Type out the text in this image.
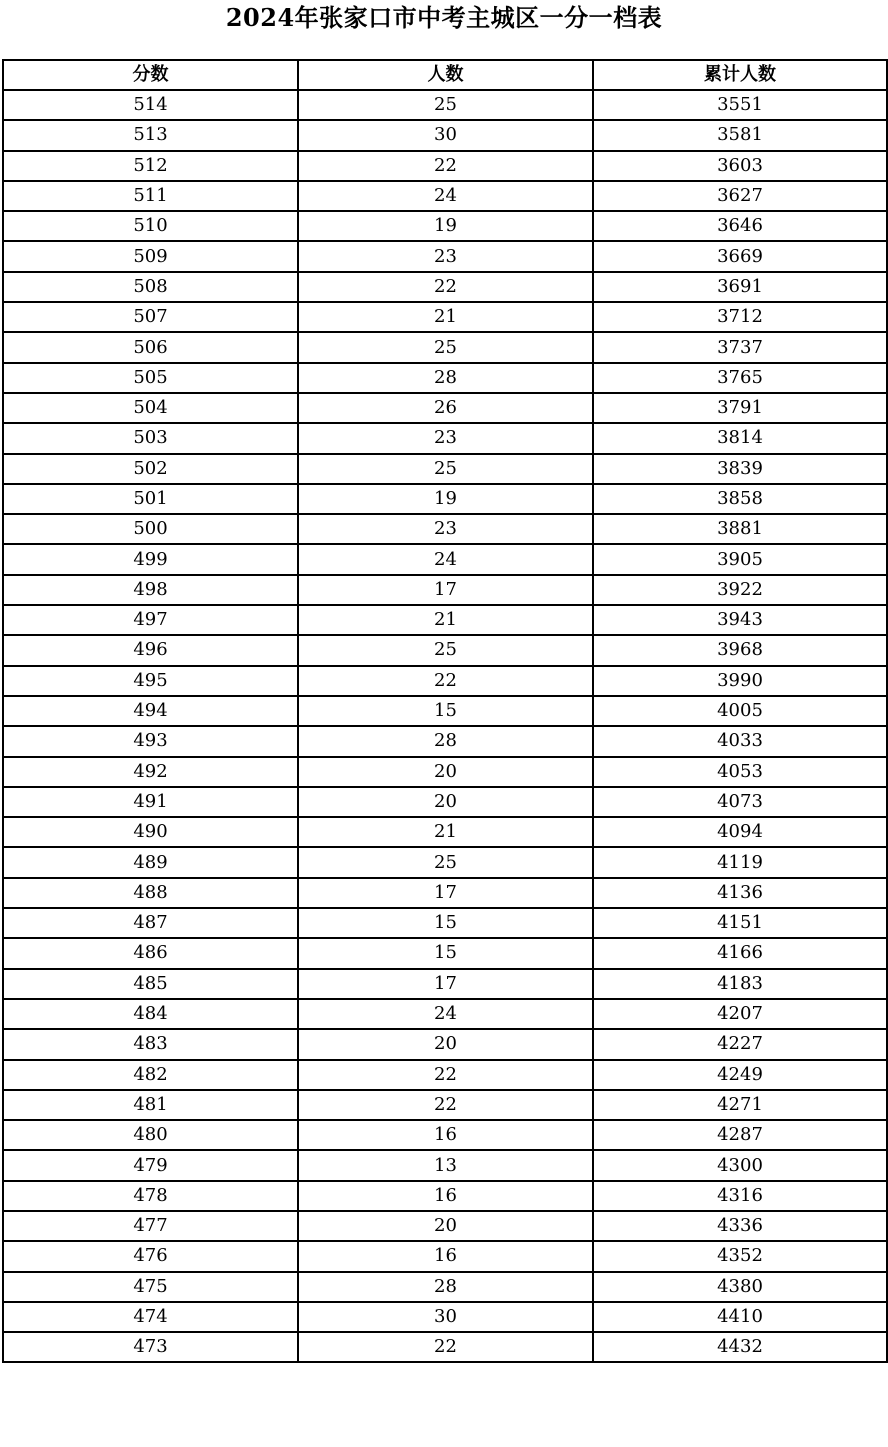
2024年张家口市中考主城区一分一档表
分数	人数	累计人数
514	25	3551
513	30	3581
512	22	3603
511	24	3627
510	19	3646
509	23	3669
508	22	3691
507	21	3712
506	25	3737
505	28	3765
504	26	3791
503	23	3814
502	25	3839
501	19	3858
500	23	3881
499	24	3905
498	17	3922
497	21	3943
496	25	3968
495	22	3990
494	15	4005
493	28	4033
492	20	4053
491	20	4073
490	21	4094
489	25	4119
488	17	4136
487	15	4151
486	15	4166
485	17	4183
484	24	4207
483	20	4227
482	22	4249
481	22	4271
480	16	4287
479	13	4300
478	16	4316
477	20	4336
476	16	4352
475	28	4380
474	30	4410
473	22	4432
